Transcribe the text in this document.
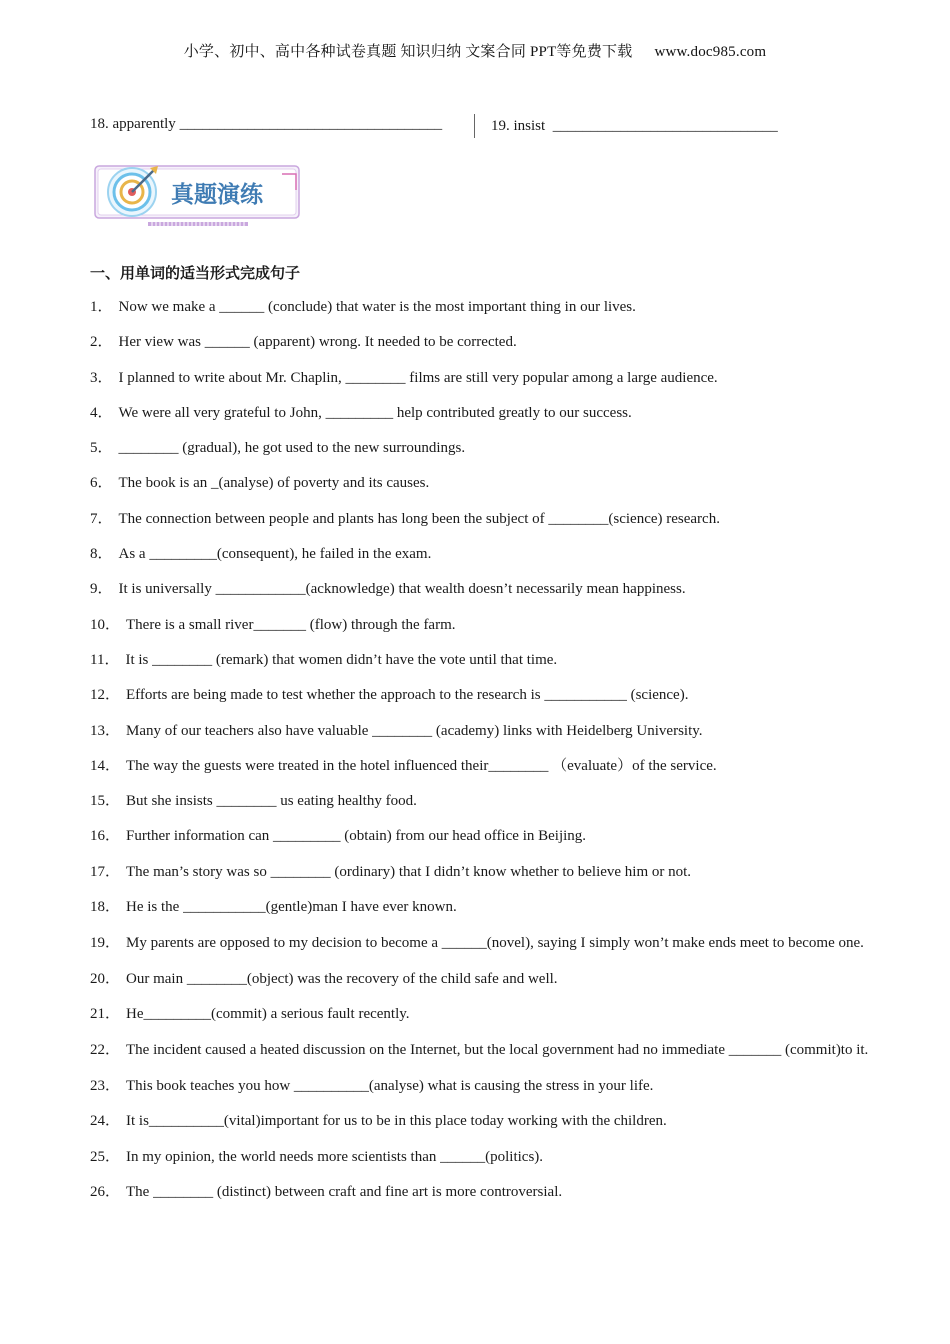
小学、初中、高中各种试卷真题 知识归纳 文案合同 PPT等免费下载 www.doc985.com
18. apparently ___________________________________	19. insist ______________________________
真题演练
一、用单词的适当形式完成句子
1． Now we make a ______ (conclude) that water is the most important thing in our lives.
2． Her view was ______ (apparent) wrong. It needed to be corrected.
3． I planned to write about Mr. Chaplin, ________ films are still very popular among a large audience.
4． We were all very grateful to John, _________ help contributed greatly to our success.
5． ________ (gradual), he got used to the new surroundings.
6． The book is an _(analyse) of poverty and its causes.
7． The connection between people and plants has long been the subject of ________(science) research.
8． As a _________(consequent), he failed in the exam.
9． It is universally ____________(acknowledge) that wealth doesn’t necessarily mean happiness.
10． There is a small river_______ (flow) through the farm.
11． It is ________ (remark) that women didn’t have the vote until that time.
12． Efforts are being made to test whether the approach to the research is ___________ (science).
13． Many of our teachers also have valuable ________ (academy) links with Heidelberg University.
14． The way the guests were treated in the hotel influenced their________ （evaluate）of the service.
15． But she insists ________ us eating healthy food.
16． Further information can _________ (obtain) from our head office in Beijing.
17． The man’s story was so ________ (ordinary) that I didn’t know whether to believe him or not.
18． He is the ___________(gentle)man I have ever known.
19． My parents are opposed to my decision to become a ______(novel), saying I simply won’t make ends meet to become one.
20． Our main ________(object) was the recovery of the child safe and well.
21． He_________(commit) a serious fault recently.
22． The incident caused a heated discussion on the Internet, but the local government had no immediate _______ (commit)to it.
23． This book teaches you how __________(analyse) what is causing the stress in your life.
24． It is__________(vital)important for us to be in this place today working with the children.
25． In my opinion, the world needs more scientists than ______(politics).
26． The ________ (distinct) between craft and fine art is more controversial.
